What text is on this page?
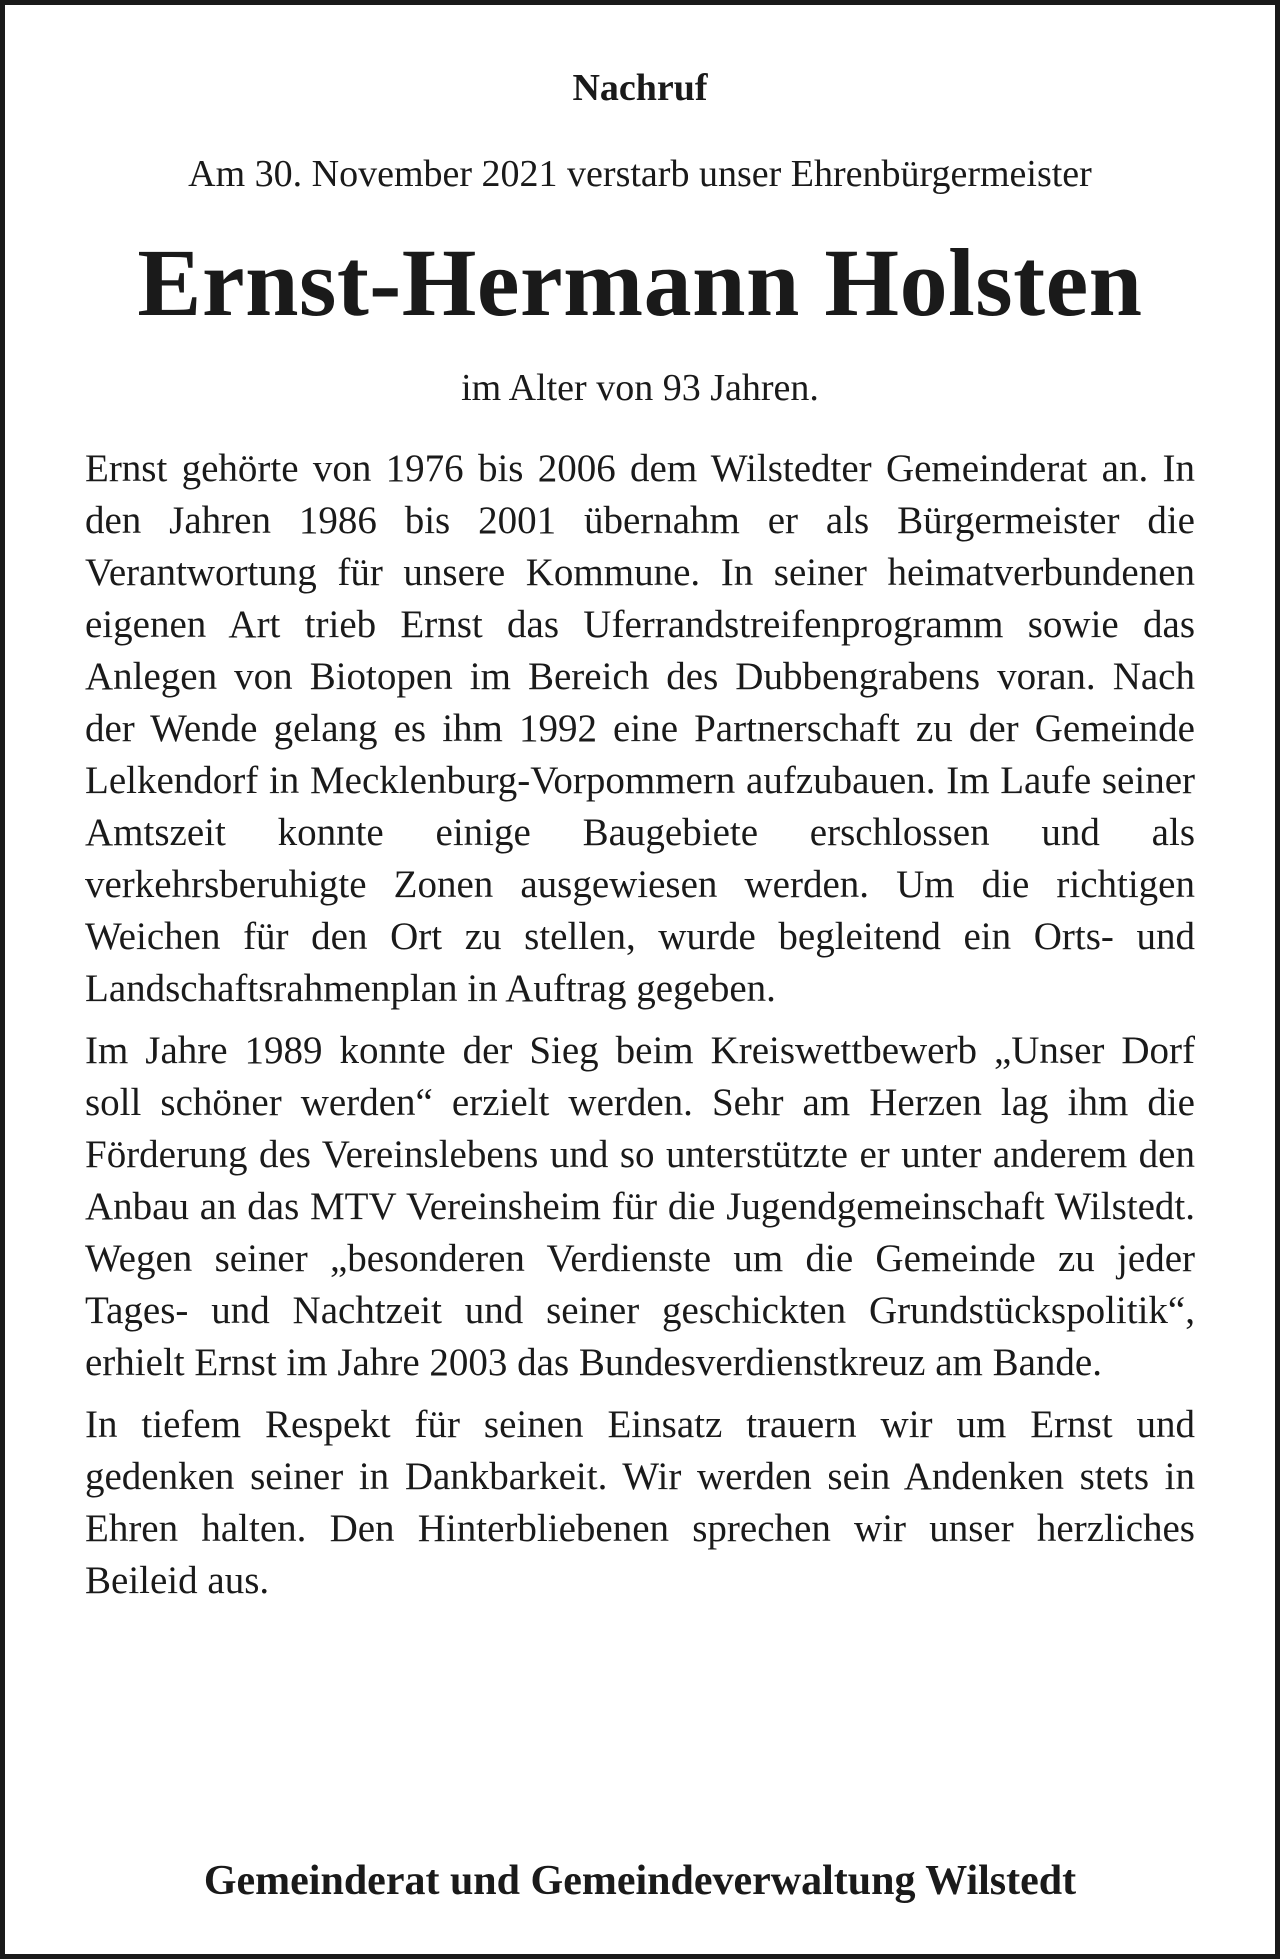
Nachruf
Am 30. November 2021 verstarb unser Ehrenbürgermeister
Ernst-Hermann Holsten
im Alter von 93 Jahren.

Ernst gehörte von 1976 bis 2006 dem Wilstedter Gemeinderat an. In den Jahren 1986 bis 2001 übernahm er als Bürgermeister die Verantwortung für unsere Kommune. In seiner heimatverbundenen eigenen Art trieb Ernst das Uferrandstreifenprogramm sowie das Anlegen von Biotopen im Bereich des Dubbengrabens voran. Nach der Wende gelang es ihm 1992 eine Partnerschaft zu der Gemeinde Lelkendorf in Mecklenburg-Vorpommern aufzubauen. Im Laufe seiner Amtszeit konnte einige Baugebiete erschlossen und als verkehrsberuhigte Zonen ausgewiesen werden. Um die richtigen Weichen für den Ort zu stellen, wurde begleitend ein Orts- und Landschaftsrahmenplan in Auftrag gegeben.

Im Jahre 1989 konnte der Sieg beim Kreiswettbewerb „Unser Dorf soll schöner werden“ erzielt werden. Sehr am Herzen lag ihm die Förderung des Vereinslebens und so unterstützte er unter anderem den Anbau an das MTV Vereinsheim für die Jugendgemeinschaft Wilstedt. Wegen seiner „besonderen Verdienste um die Gemeinde zu jeder Tages- und Nachtzeit und seiner geschickten Grundstückspolitik“, erhielt Ernst im Jahre 2003 das Bundesverdienstkreuz am Bande.

In tiefem Respekt für seinen Einsatz trauern wir um Ernst und gedenken seiner in Dankbarkeit. Wir werden sein Andenken stets in Ehren halten. Den Hinterbliebenen sprechen wir unser herzliches Beileid aus.

Gemeinderat und Gemeindeverwaltung Wilstedt
